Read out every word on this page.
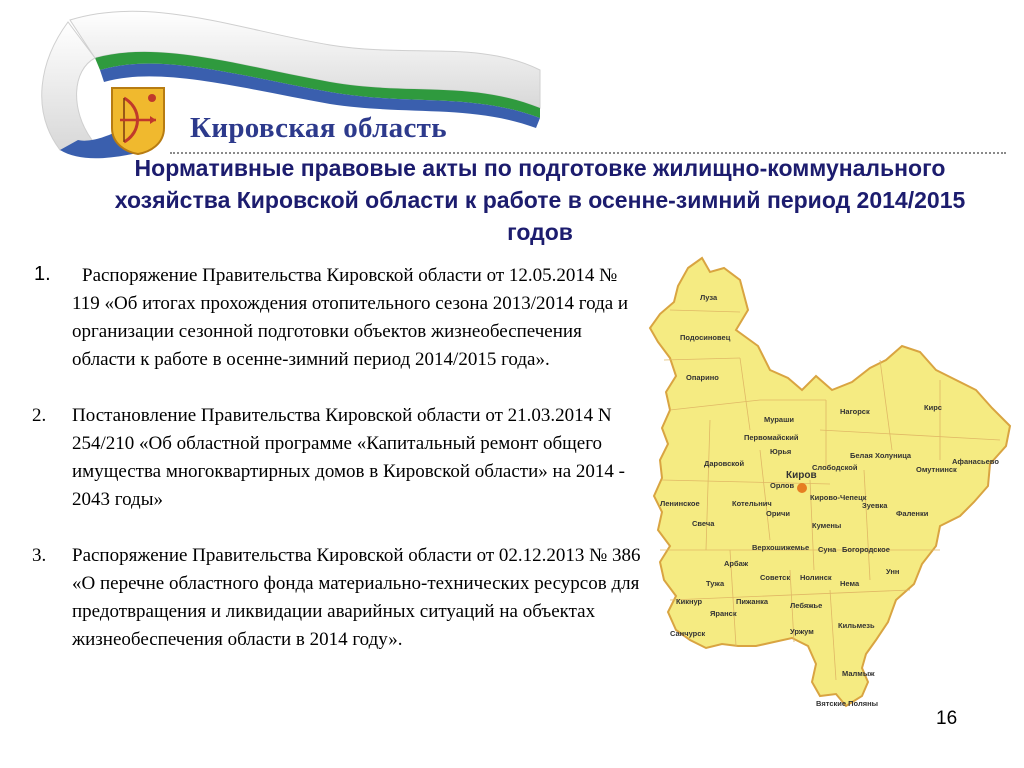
Кировская область
Нормативные правовые акты по подготовке жилищно-коммунального хозяйства Кировской области к работе в осенне-зимний период 2014/2015 годов
1.	Распоряжение Правительства Кировской области от 12.05.2014 № 119 «Об итогах прохождения отопительного сезона 2013/2014 года и организации сезонной подготовки объектов жизнеобеспечения области к работе в осенне-зимний период 2014/2015 года».
2. Постановление Правительства Кировской области от 21.03.2014 N 254/210 «Об областной программе «Капитальный ремонт общего имущества многоквартирных домов в Кировской области» на 2014 - 2043 годы»
3. Распоряжение Правительства Кировской области от 02.12.2013 № 386 «О перечне областного фонда материально-технических ресурсов для предотвращения и ликвидации аварийных ситуаций на объектах жизнеобеспечения области в 2014 году».
Луза
Подосиновец
Опарино
Мураши
Нагорск	Кирс
Первомайский
Юрья	Белая Холуница
Омутнинск
Афанасьево
Даровской	Слободской
Киров
Орлов
Кирово-Чепецк
Ленинское	Котельнич	Зуевка
Фаленки
Свеча
Оричи
Кумены
Верхошижемье Суна Богородское
Арбаж
Унн
Тужа
Советск Нолинск
Нема
Кикнур	Пижанка	Лебяжье
Яранск
Уржум
Санчурск
Кильмезь
Малмыж
Вятские Поляны
16
